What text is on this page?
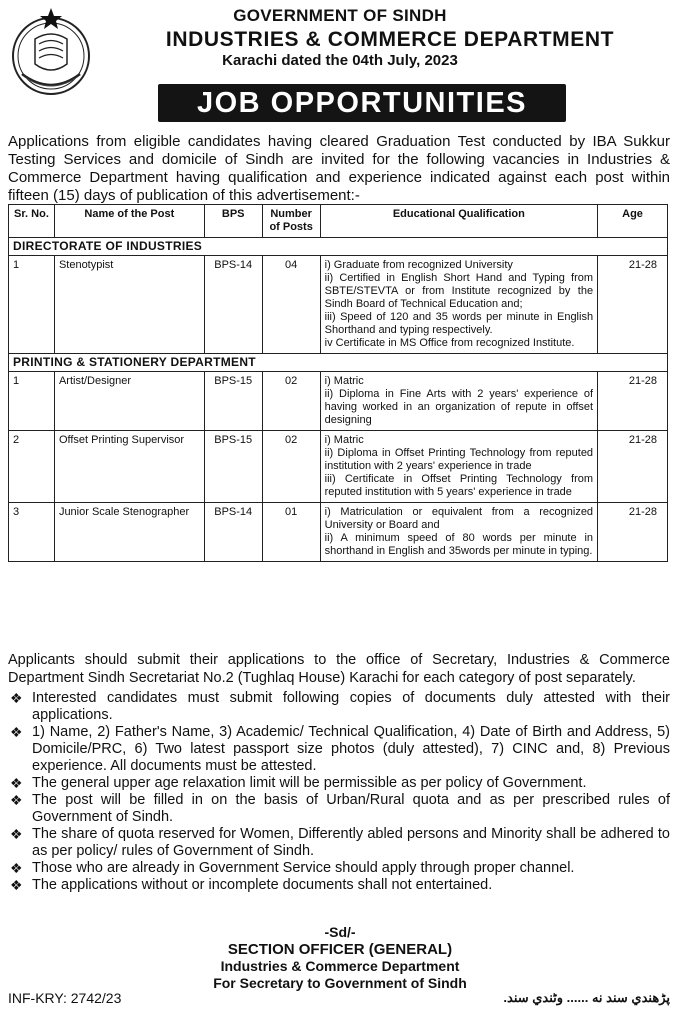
GOVERNMENT OF SINDH
INDUSTRIES & COMMERCE DEPARTMENT
Karachi dated the 04th July, 2023
JOB OPPORTUNITIES

Applications from eligible candidates having cleared Graduation Test conducted by IBA Sukkur Testing Services and domicile of Sindh are invited for the following vacancies in Industries & Commerce Department having qualification and experience indicated against each post within fifteen (15) days of publication of this advertisement:-

Sr. No.	Name of the Post	BPS	Number of Posts	Educational Qualification	Age
DIRECTORATE OF INDUSTRIES					
1	Stenotypist	BPS-14	04	i) Graduate from recognized University
ii) Certified in English Short Hand and Typing from SBTE/STEVTA or from Institute recognized by the Sindh Board of Technical Education and;
iii) Speed of 120 and 35 words per minute in English Shorthand and typing respectively.
iv Certificate in MS Office from recognized Institute.	21-28
PRINTING & STATIONERY DEPARTMENT					
1	Artist/Designer	BPS-15	02	i) Matric
ii) Diploma in Fine Arts with 2 years' experience of having worked in an organization of repute in offset designing	21-28
2	Offset Printing Supervisor	BPS-15	02	i) Matric
ii) Diploma in Offset Printing Technology from reputed institution with 2 years' experience in trade
iii) Certificate in Offset Printing Technology from reputed institution with 5 years' experience in trade	21-28
3	Junior Scale Stenographer	BPS-14	01	i) Matriculation or equivalent from a recognized University or Board and
ii) A minimum speed of 80 words per minute in shorthand in English and 35words per minute in typing.	21-28

Applicants should submit their applications to the office of Secretary, Industries & Commerce Department Sindh Secretariat No.2 (Tughlaq House) Karachi for each category of post separately.

❖ Interested candidates must submit following copies of documents duly attested with their applications.
❖ 1) Name, 2) Father's Name, 3) Academic/ Technical Qualification, 4) Date of Birth and Address, 5) Domicile/PRC, 6) Two latest passport size photos (duly attested), 7) CINC and, 8) Previous experience. All documents must be attested.
❖ The general upper age relaxation limit will be permissible as per policy of Government.
❖ The post will be filled in on the basis of Urban/Rural quota and as per prescribed rules of Government of Sindh.
❖ The share of quota reserved for Women, Differently abled persons and Minority shall be adhered to as per policy/ rules of Government of Sindh.
❖ Those who are already in Government Service should apply through proper channel.
❖ The applications without or incomplete documents shall not entertained.
-Sd/-
SECTION OFFICER (GENERAL)
Industries & Commerce Department
For Secretary to Government of Sindh
INF-KRY: 2742/23	پڑھندي سند نه ...... وڻندي سند.
